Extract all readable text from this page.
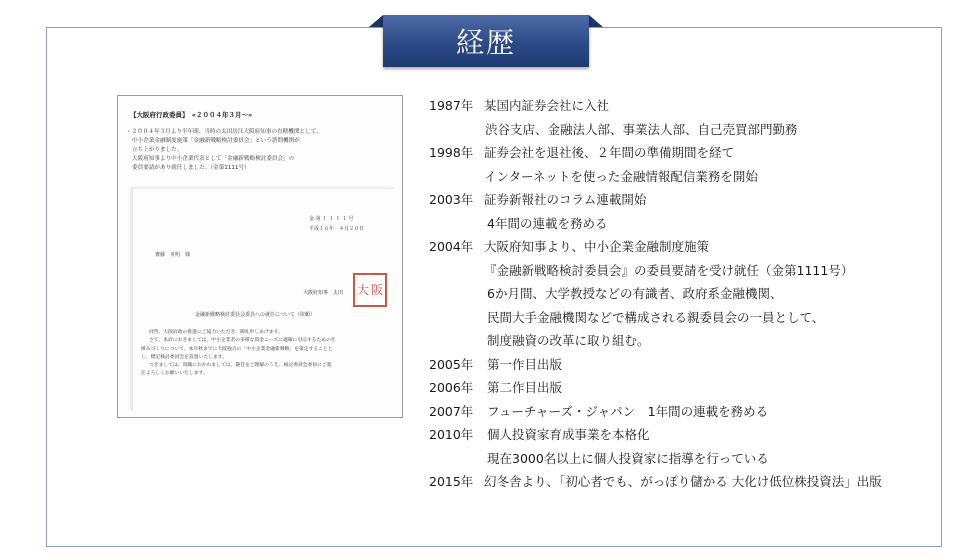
経歴
【大阪府行政委員】　«２００４年３月〜»
・２００４年３月より半年間、当時の太田房江大阪府知事の直轄機関として、
中小企業金融制度施策「金融新戦略検討委員会」という諮問機関が
立ち上がりました。
大阪府知事より中小企業代表として「金融新戦略検討委員会」の
委員要請があり就任しました。（金第1111号）
金 第 １ １ １ １ 号
平成１６年　４月２０日
齋藤　英明　様
大阪府知事　太田 大 阪
金融新戦略検討委員会委員への就任について（依頼）
拝啓、大阪府政の推進にご協力いただき、御礼申しあげます。
さて、本府におきましては、中小企業者の多様な資金ニーズに適確に対応するための仕
組みづくりについて、本年秋までに大阪独自の「中小企業金融新戦略」を策定することと
し、標記検討委員会を設置いたします。
つきましては、貴職におかれましては、趣旨をご理解のうえ、検討委員会委員にご就
任よろしくお願いいたします。
1987年 某国内証券会社に入社
渋谷支店、金融法人部、事業法人部、自己売買部門勤務
1998年 証券会社を退社後、２年間の準備期間を経て
インターネットを使った金融情報配信業務を開始
2003年 証券新報社のコラム連載開始
4年間の連載を務める
2004年 大阪府知事より、中小企業金融制度施策
『金融新戦略検討委員会』の委員要請を受け就任（金第1111号）
6か月間、大学教授などの有識者、政府系金融機関、
民間大手金融機関などで構成される親委員会の一員として、
制度融資の改革に取り組む。
2005年	第一作目出版
2006年	第二作目出版
2007年	フューチャーズ・ジャパン　1年間の連載を務める
2010年	個人投資家育成事業を本格化
現在3000名以上に個人投資家に指導を行っている
2015年 幻冬舎より、「初心者でも、がっぽり儲かる 大化け低位株投資法」出版
